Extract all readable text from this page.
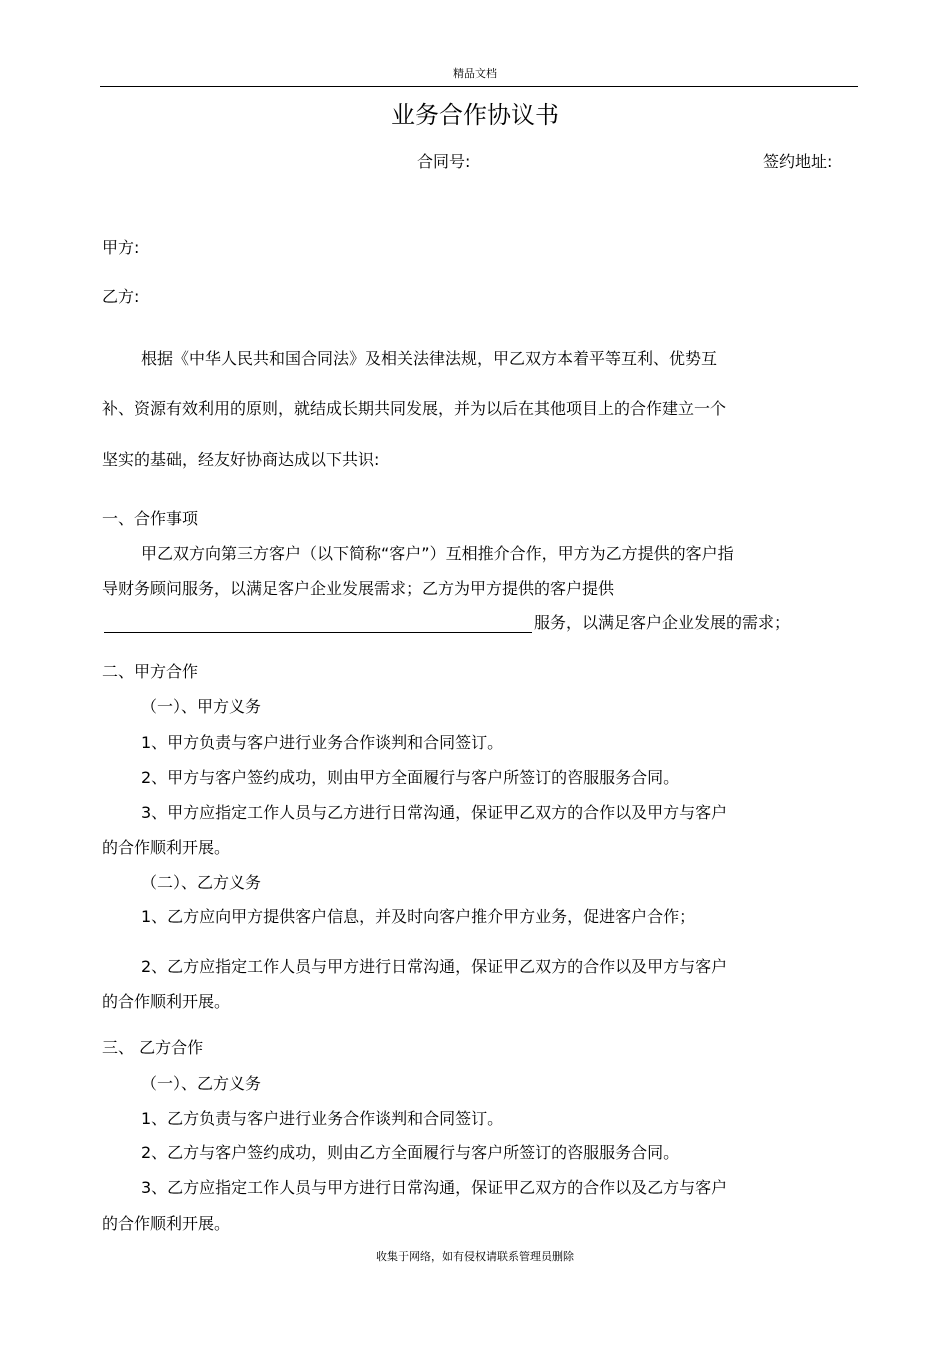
精品文档
业务合作协议书
合同号:	签约地址:
甲方:
乙方:
根据《中华人民共和国合同法》及相关法律法规，甲乙双方本着平等互利、优势互
补、资源有效利用的原则，就结成长期共同发展，并为以后在其他项目上的合作建立一个
坚实的基础，经友好协商达成以下共识:
一、合作事项
甲乙双方向第三方客户（以下简称“客户”）互相推介合作，甲方为乙方提供的客户指
导财务顾问服务，以满足客户企业发展需求；乙方为甲方提供的客户提供
服务，以满足客户企业发展的需求；
二、甲方合作
（一）、甲方义务
1、甲方负责与客户进行业务合作谈判和合同签订。
2、甲方与客户签约成功，则由甲方全面履行与客户所签订的咨服服务合同。
3、甲方应指定工作人员与乙方进行日常沟通，保证甲乙双方的合作以及甲方与客户
的合作顺利开展。
（二）、乙方义务
1、乙方应向甲方提供客户信息，并及时向客户推介甲方业务，促进客户合作；
2、乙方应指定工作人员与甲方进行日常沟通，保证甲乙双方的合作以及甲方与客户
的合作顺利开展。
三、 乙方合作
（一）、乙方义务
1、乙方负责与客户进行业务合作谈判和合同签订。
2、乙方与客户签约成功，则由乙方全面履行与客户所签订的咨服服务合同。
3、乙方应指定工作人员与甲方进行日常沟通，保证甲乙双方的合作以及乙方与客户
的合作顺利开展。
收集于网络，如有侵权请联系管理员删除
